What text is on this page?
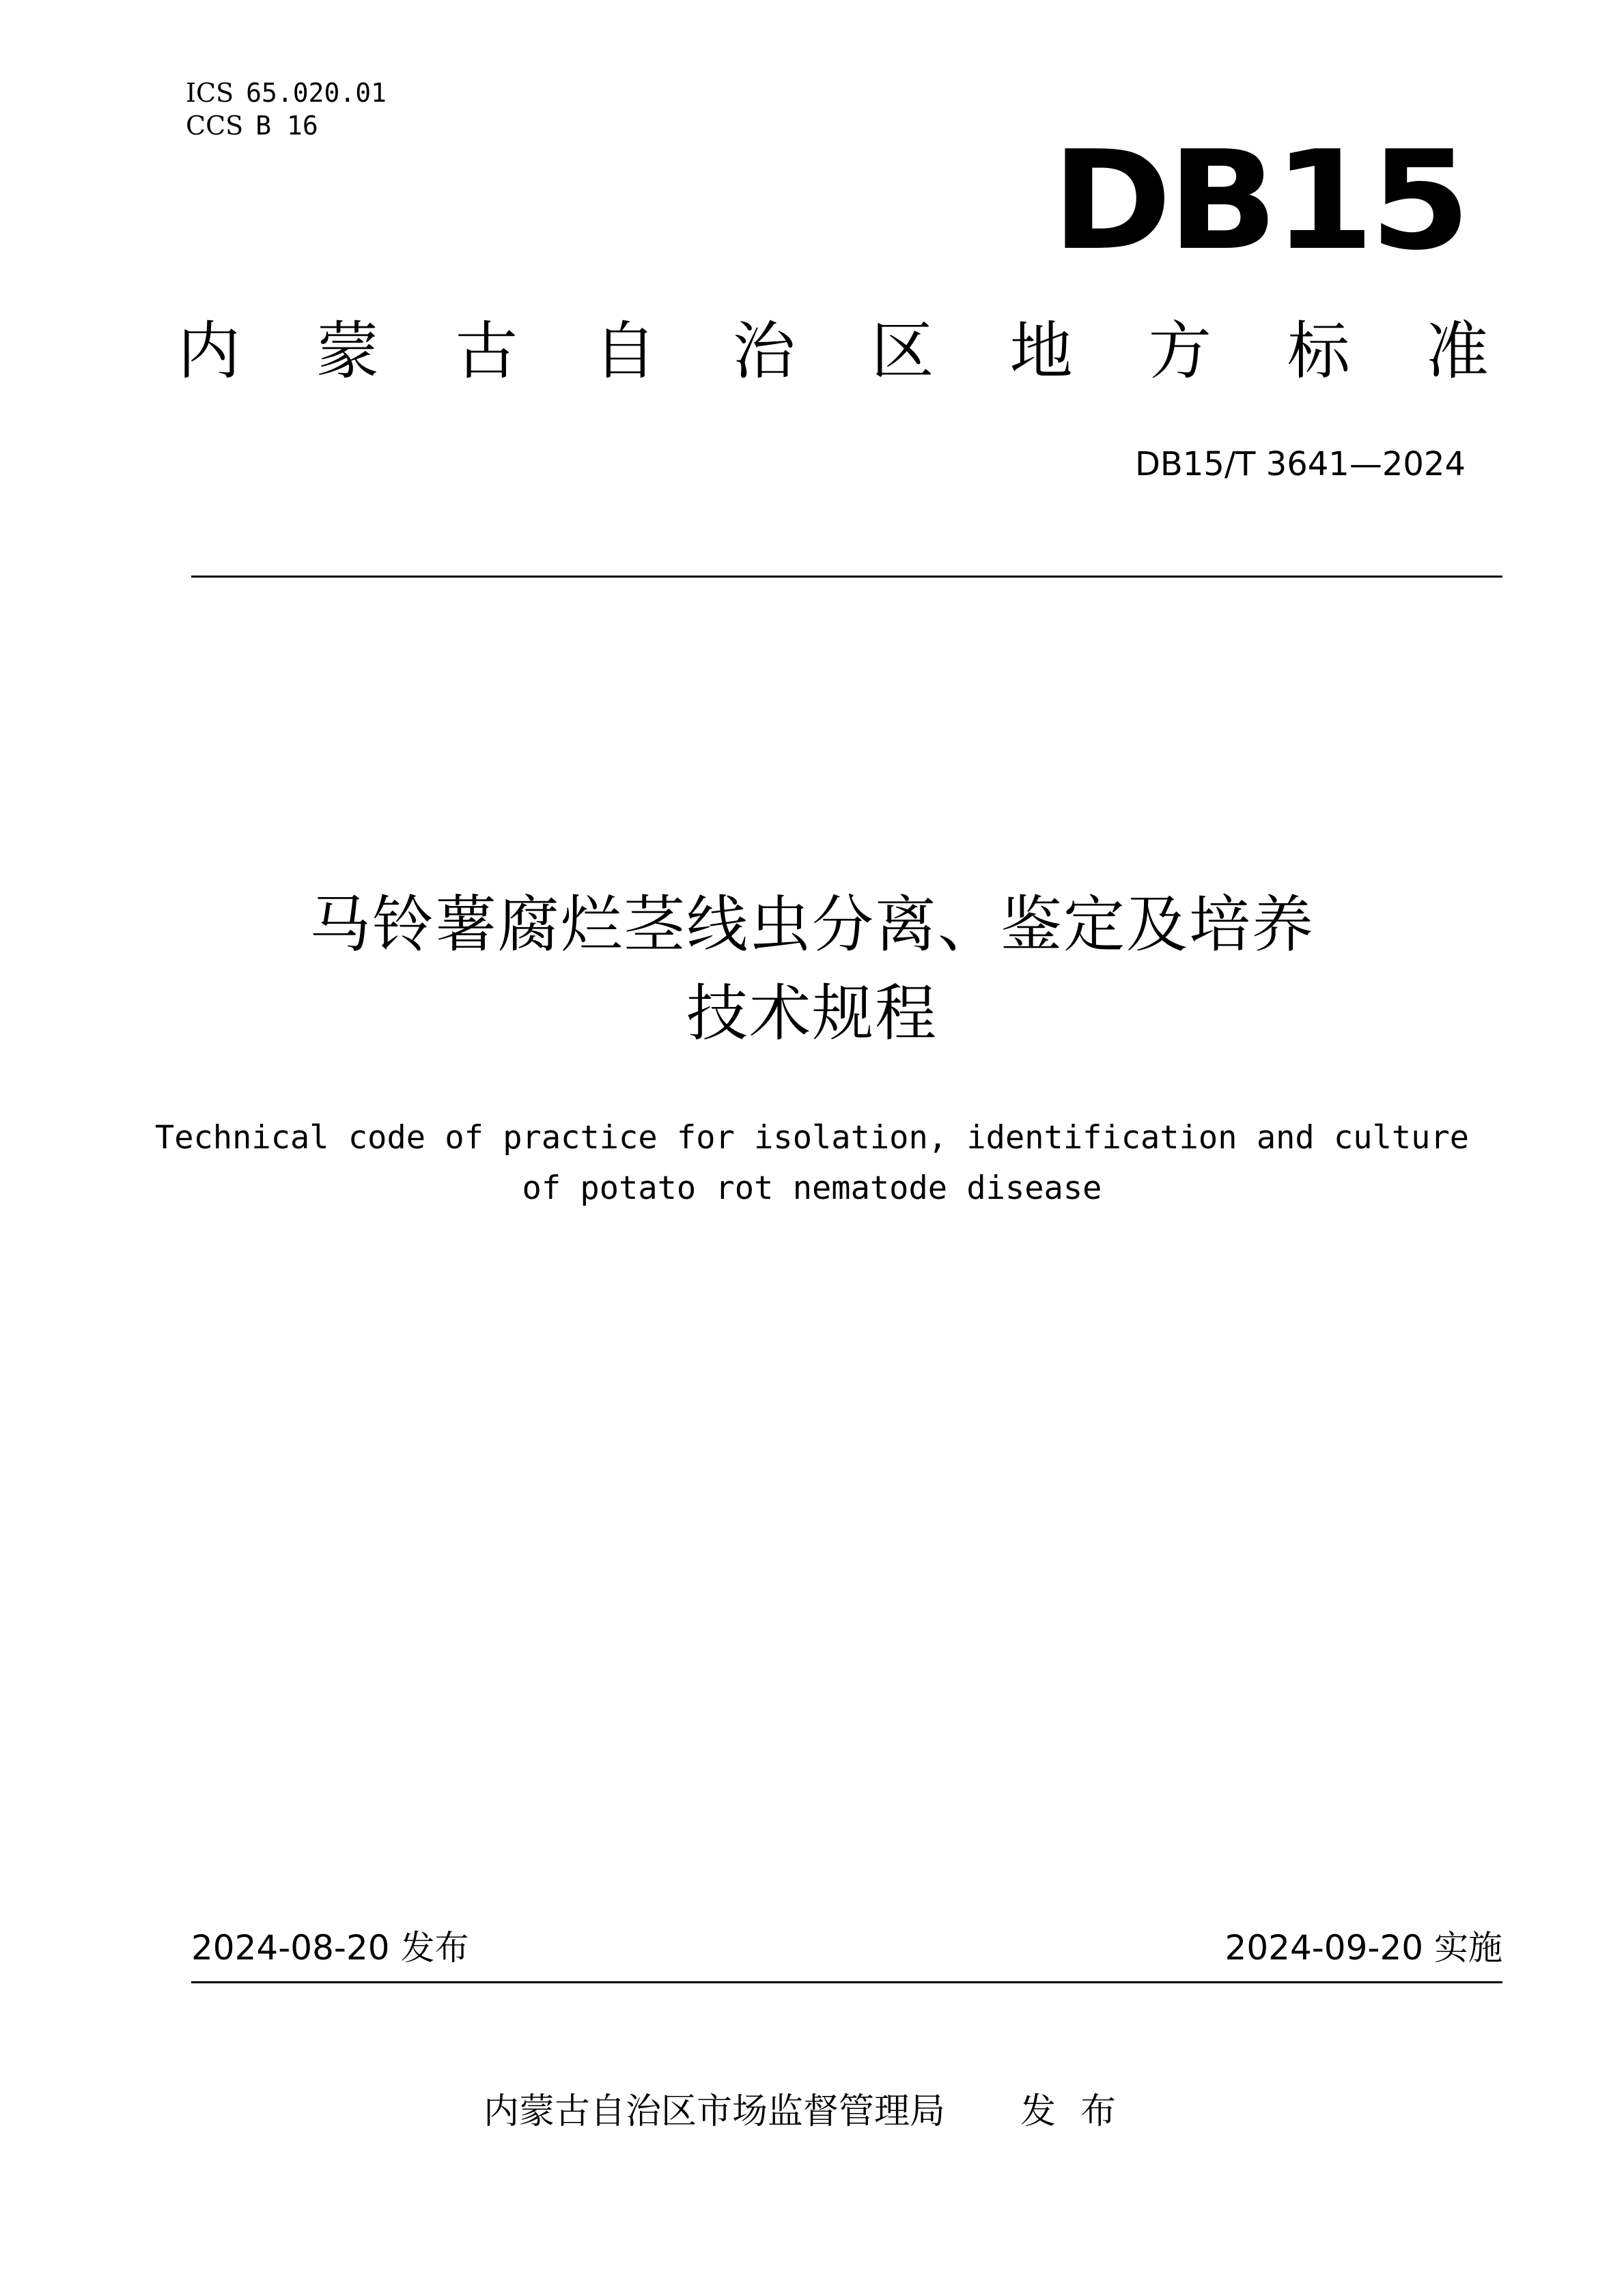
ICS 65.020.01
CCS B 16	DB15
内 蒙 古 自 治 区 地 方 标 准
DB15/T 3641—2024
马铃薯腐烂茎线虫分离、鉴定及培养
技术规程
Technical code of practice for isolation, identification and culture
of potato rot nematode disease
2024-08-20 发布	2024-09-20 实施
内蒙古自治区市场监督管理局 发布
